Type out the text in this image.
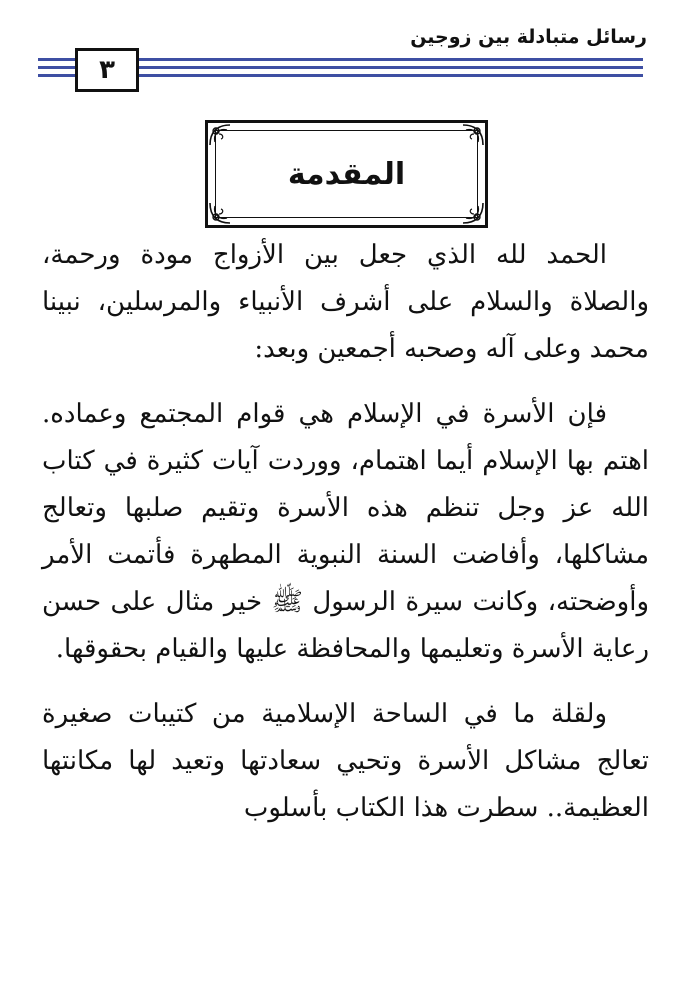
رسائل متبادلة بين زوجين
٣
المقدمة

الحمد لله الذي جعل بين الأزواج مودة ورحمة، والصلاة والسلام على أشرف الأنبياء والمرسلين، نبينا محمد وعلى آله وصحبه أجمعين وبعد:

فإن الأسرة في الإسلام هي قوام المجتمع وعماده. اهتم بها الإسلام أيما اهتمام، ووردت آيات كثيرة في كتاب الله عز وجل تنظم هذه الأسرة وتقيم صلبها وتعالج مشاكلها، وأفاضت السنة النبوية المطهرة فأتمت الأمر وأوضحته، وكانت سيرة الرسول ﷺ خير مثال على حسن رعاية الأسرة وتعليمها والمحافظة عليها والقيام بحقوقها.

ولقلة ما في الساحة الإسلامية من كتيبات صغيرة تعالج مشاكل الأسرة وتحيي سعادتها وتعيد لها مكانتها العظيمة.. سطرت هذا الكتاب بأسلوب
